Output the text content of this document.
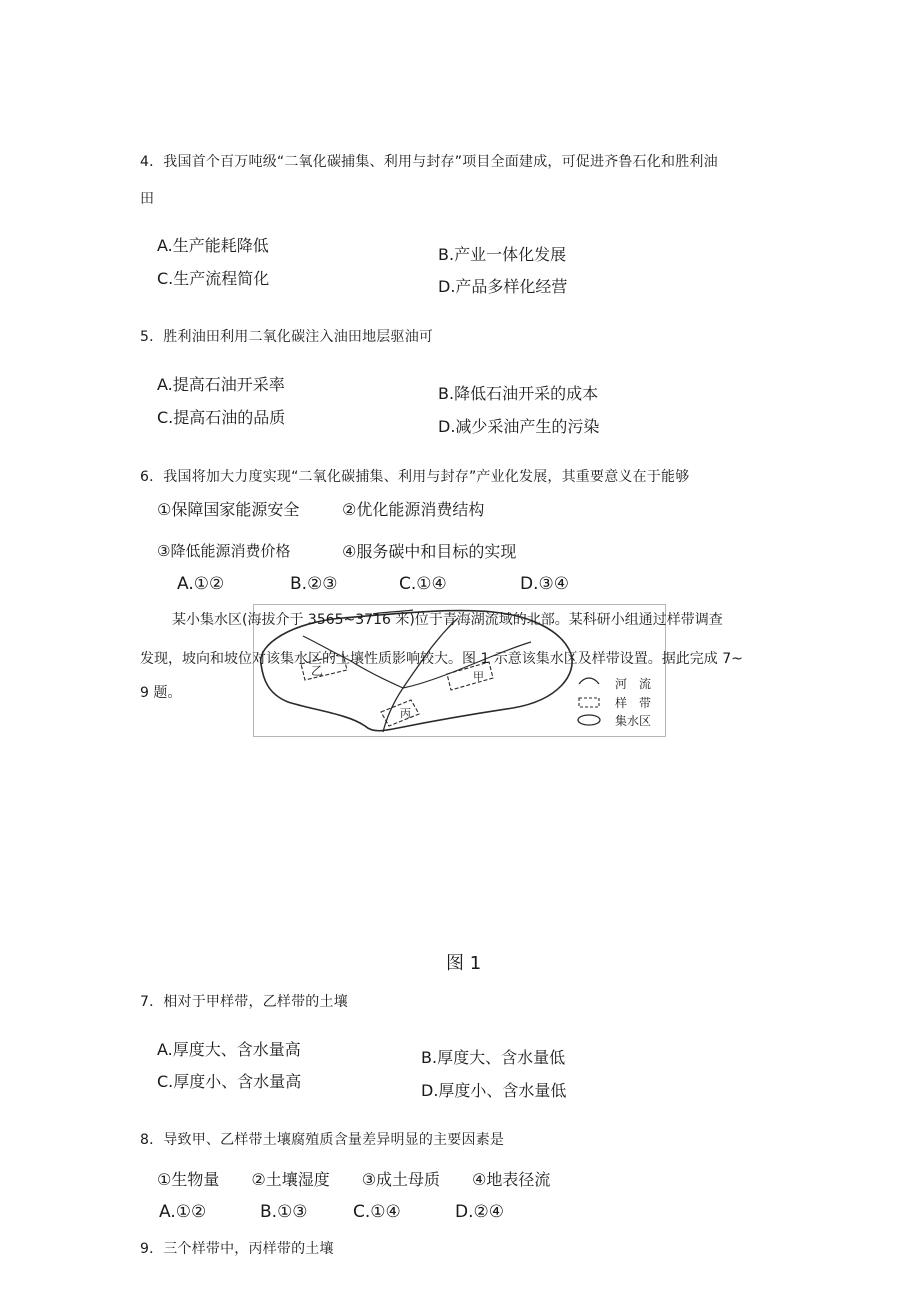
4．我国首个百万吨级“二氧化碳捕集、利用与封存”项目全面建成，可促进齐鲁石化和胜利油
田
A.生产能耗降低	B.产业一体化发展
C.生产流程简化	D.产品多样化经营
5．胜利油田利用二氧化碳注入油田地层驱油可
A.提高石油开采率	B.降低石油开采的成本
C.提高石油的品质	D.减少采油产生的污染
6．我国将加大力度实现“二氧化碳捕集、利用与封存”产业化发展，其重要意义在于能够
①保障国家能源安全	②优化能源消费结构
③降低能源消费价格	④服务碳中和目标的实现
A.①②	B.②③	C.①④	D.③④
乙	甲
丙
河　流
样　带
集水区
某小集水区(海拔介于 3565~3716 米)位于青海湖流域的北部。某科研小组通过样带调查
发现，坡向和坡位对该集水区的土壤性质影响较大。图 1 示意该集水区及样带设置。据此完成 7~
9 题。
图 1
7．相对于甲样带，乙样带的土壤
A.厚度大、含水量高	B.厚度大、含水量低
C.厚度小、含水量高	D.厚度小、含水量低
8．导致甲、乙样带土壤腐殖质含量差异明显的主要因素是
①生物量　　②土壤湿度　　③成土母质　　④地表径流
A.①②	B.①③	C.①④	D.②④
9．三个样带中，丙样带的土壤
